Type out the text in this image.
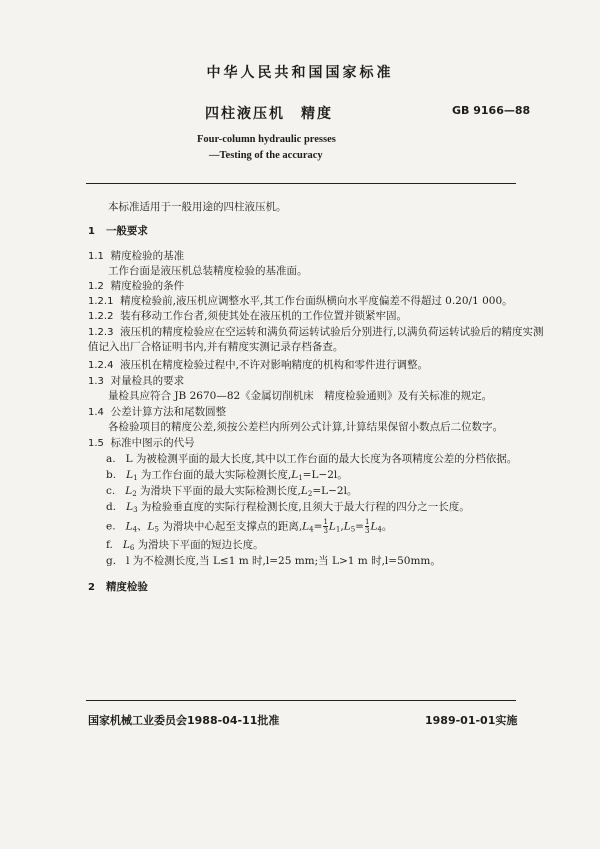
中华人民共和国国家标准
四柱液压机　精度	GB 9166—88
Four-column hydraulic presses
—Testing of the accuracy
本标准适用于一般用途的四柱液压机。
1 一般要求
1.1 精度检验的基准
工作台面是液压机总装精度检验的基准面。
1.2 精度检验的条件
1.2.1 精度检验前,液压机应调整水平,其工作台面纵横向水平度偏差不得超过 0.20/1 000。
1.2.2 装有移动工作台者,须使其处在液压机的工作位置并锁紧牢固。
1.2.3 液压机的精度检验应在空运转和满负荷运转试验后分别进行,以满负荷运转试验后的精度实测
值记入出厂合格证明书内,并有精度实测记录存档备查。
1.2.4 液压机在精度检验过程中,不许对影响精度的机构和零件进行调整。
1.3 对量检具的要求
量检具应符合 JB 2670—82《金属切削机床　精度检验通则》及有关标准的规定。
1.4 公差计算方法和尾数圆整
各检验项目的精度公差,须按公差栏内所列公式计算,计算结果保留小数点后二位数字。
1.5 标准中图示的代号
a. L 为被检测平面的最大长度,其中以工作台面的最大长度为各项精度公差的分档依据。
b. $L_1$ 为工作台面的最大实际检测长度$,L_1=L-2l$。
c. $L_2$ 为滑块下平面的最大实际检测长度$,L_2=L-2l$。
d. $L_3$ 为检验垂直度的实际行程检测长度,且须大于最大行程的四分之一长度。
e. $L_4$、$L_5$ 为滑块中心起至支撑点的距离$,L_4= \frac{1}{3} L_1,L_5= \frac{1}{3} L_4$。
f. $L_6$ 为滑块下平面的短边长度。
g. l 为不检测长度,当 L≤1 m 时,l=25 mm;当 L>1 m 时,l=50mm。
2 精度检验
国家机械工业委员会1988-04-11批准	1989-01-01实施
